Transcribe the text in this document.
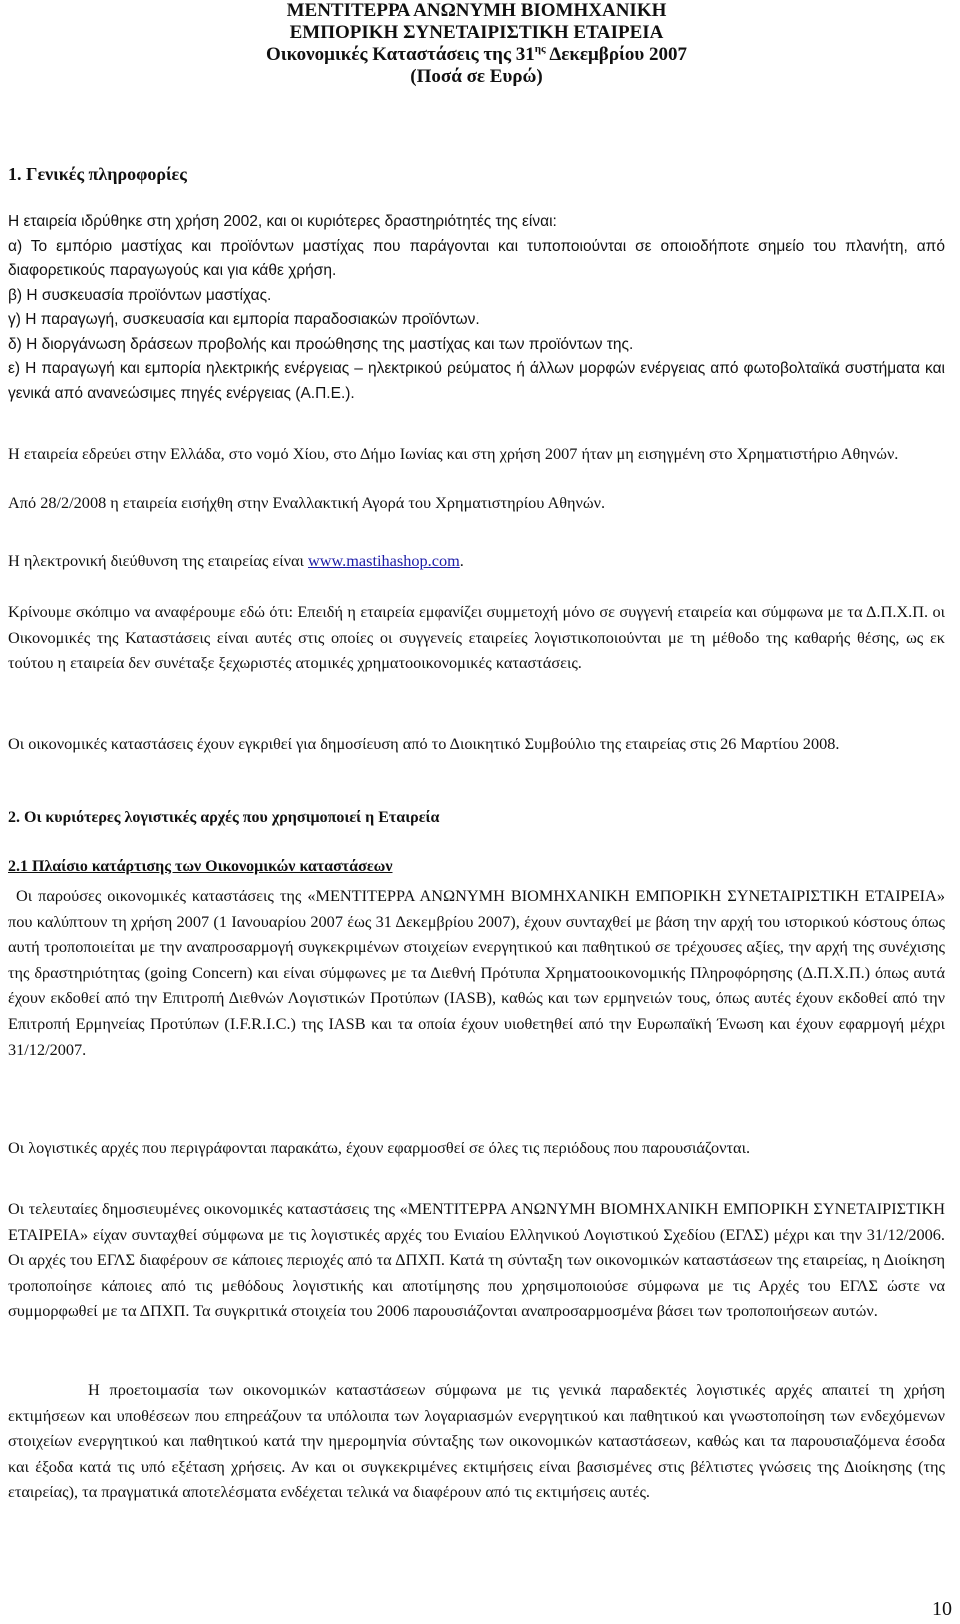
ΜΕΝΤΙΤΕΡΡΑ ΑΝΩΝΥΜΗ ΒΙΟΜΗΧΑΝΙΚΗ
ΕΜΠΟΡΙΚΗ ΣΥΝΕΤΑΙΡΙΣΤΙΚΗ ΕΤΑΙΡΕΙΑ
Οικονομικές Καταστάσεις της $31^{\eta\varsigma}$ Δεκεμβρίου 2007
(Ποσά σε Ευρώ)
1. Γενικές πληροφορίες

Η εταιρεία ιδρύθηκε στη χρήση 2002, και οι κυριότερες δραστηριότητές της είναι:

α) Το εμπόριο μαστίχας και προϊόντων μαστίχας που παράγονται και τυποποιούνται σε οποιοδήποτε σημείο του πλανήτη, από διαφορετικούς παραγωγούς και για κάθε χρήση.

β) Η συσκευασία προϊόντων μαστίχας.

γ) Η παραγωγή, συσκευασία και εμπορία παραδοσιακών προϊόντων.

δ) Η διοργάνωση δράσεων προβολής και προώθησης της μαστίχας και των προϊόντων της.

ε) Η παραγωγή και εμπορία ηλεκτρικής ενέργειας – ηλεκτρικού ρεύματος ή άλλων μορφών ενέργειας από φωτοβολταϊκά συστήματα και γενικά από ανανεώσιμες πηγές ενέργειας (Α.Π.Ε.).

Η εταιρεία εδρεύει στην Ελλάδα, στο νομό Χίου, στο Δήμο Ιωνίας και στη χρήση 2007 ήταν μη εισηγμένη στο Χρηματιστήριο Αθηνών.
Από 28/2/2008 η εταιρεία εισήχθη στην Εναλλακτική Αγορά του Χρηματιστηρίου Αθηνών.
Η ηλεκτρονική διεύθυνση της εταιρείας είναι www.mastihashop.com.
Κρίνουμε σκόπιμο να αναφέρουμε εδώ ότι: Επειδή η εταιρεία εμφανίζει συμμετοχή μόνο σε συγγενή εταιρεία και σύμφωνα με τα Δ.Π.Χ.Π. οι Οικονομικές της Καταστάσεις είναι αυτές στις οποίες οι συγγενείς εταιρείες λογιστικοποιούνται με τη μέθοδο της καθαρής θέσης, ως εκ τούτου η εταιρεία δεν συνέταξε ξεχωριστές ατομικές χρηματοοικονομικές καταστάσεις.
Οι οικονομικές καταστάσεις έχουν εγκριθεί για δημοσίευση από το Διοικητικό Συμβούλιο της εταιρείας στις 26 Μαρτίου 2008.
2. Οι κυριότερες λογιστικές αρχές που χρησιμοποιεί η Εταιρεία
2.1 Πλαίσιο κατάρτισης των Οικονομικών καταστάσεων
Οι παρούσες οικονομικές καταστάσεις της «ΜΕΝΤΙΤΕΡΡΑ ΑΝΩΝΥΜΗ ΒΙΟΜΗΧΑΝΙΚΗ ΕΜΠΟΡΙΚΗ ΣΥΝΕΤΑΙΡΙΣΤΙΚΗ ΕΤΑΙΡΕΙΑ» που καλύπτουν τη χρήση 2007 (1 Ιανουαρίου 2007 έως 31 Δεκεμβρίου 2007), έχουν συνταχθεί με βάση την αρχή του ιστορικού κόστους όπως αυτή τροποποιείται με την αναπροσαρμογή συγκεκριμένων στοιχείων ενεργητικού και παθητικού σε τρέχουσες αξίες, την αρχή της συνέχισης της δραστηριότητας (going Concern) και είναι σύμφωνες με τα Διεθνή Πρότυπα Χρηματοοικονομικής Πληροφόρησης (Δ.Π.Χ.Π.) όπως αυτά έχουν εκδοθεί από την Επιτροπή Διεθνών Λογιστικών Προτύπων (IASB), καθώς και των ερμηνειών τους, όπως αυτές έχουν εκδοθεί από την Επιτροπή Ερμηνείας Προτύπων (I.F.R.I.C.) της IASB και τα οποία έχουν υιοθετηθεί από την Ευρωπαϊκή Ένωση και έχουν εφαρμογή μέχρι 31/12/2007.
Οι λογιστικές αρχές που περιγράφονται παρακάτω, έχουν εφαρμοσθεί σε όλες τις περιόδους που παρουσιάζονται.
Οι τελευταίες δημοσιευμένες οικονομικές καταστάσεις της «ΜΕΝΤΙΤΕΡΡΑ ΑΝΩΝΥΜΗ ΒΙΟΜΗΧΑΝΙΚΗ ΕΜΠΟΡΙΚΗ ΣΥΝΕΤΑΙΡΙΣΤΙΚΗ ΕΤΑΙΡΕΙΑ» είχαν συνταχθεί σύμφωνα με τις λογιστικές αρχές του Ενιαίου Ελληνικού Λογιστικού Σχεδίου (ΕΓΛΣ) μέχρι και την 31/12/2006. Οι αρχές του ΕΓΛΣ διαφέρουν σε κάποιες περιοχές από τα ΔΠΧΠ. Κατά τη σύνταξη των οικονομικών καταστάσεων της εταιρείας, η Διοίκηση τροποποίησε κάποιες από τις μεθόδους λογιστικής και αποτίμησης που χρησιμοποιούσε σύμφωνα με τις Αρχές του ΕΓΛΣ ώστε να συμμορφωθεί με τα ΔΠΧΠ. Τα συγκριτικά στοιχεία του 2006 παρουσιάζονται αναπροσαρμοσμένα βάσει των τροποποιήσεων αυτών.
Η προετοιμασία των οικονομικών καταστάσεων σύμφωνα με τις γενικά παραδεκτές λογιστικές αρχές απαιτεί τη χρήση εκτιμήσεων και υποθέσεων που επηρεάζουν τα υπόλοιπα των λογαριασμών ενεργητικού και παθητικού και γνωστοποίηση των ενδεχόμενων στοιχείων ενεργητικού και παθητικού κατά την ημερομηνία σύνταξης των οικονομικών καταστάσεων, καθώς και τα παρουσιαζόμενα έσοδα και έξοδα κατά τις υπό εξέταση χρήσεις. Αν και οι συγκεκριμένες εκτιμήσεις είναι βασισμένες στις βέλτιστες γνώσεις της Διοίκησης (της εταιρείας), τα πραγματικά αποτελέσματα ενδέχεται τελικά να διαφέρουν από τις εκτιμήσεις αυτές.
10
